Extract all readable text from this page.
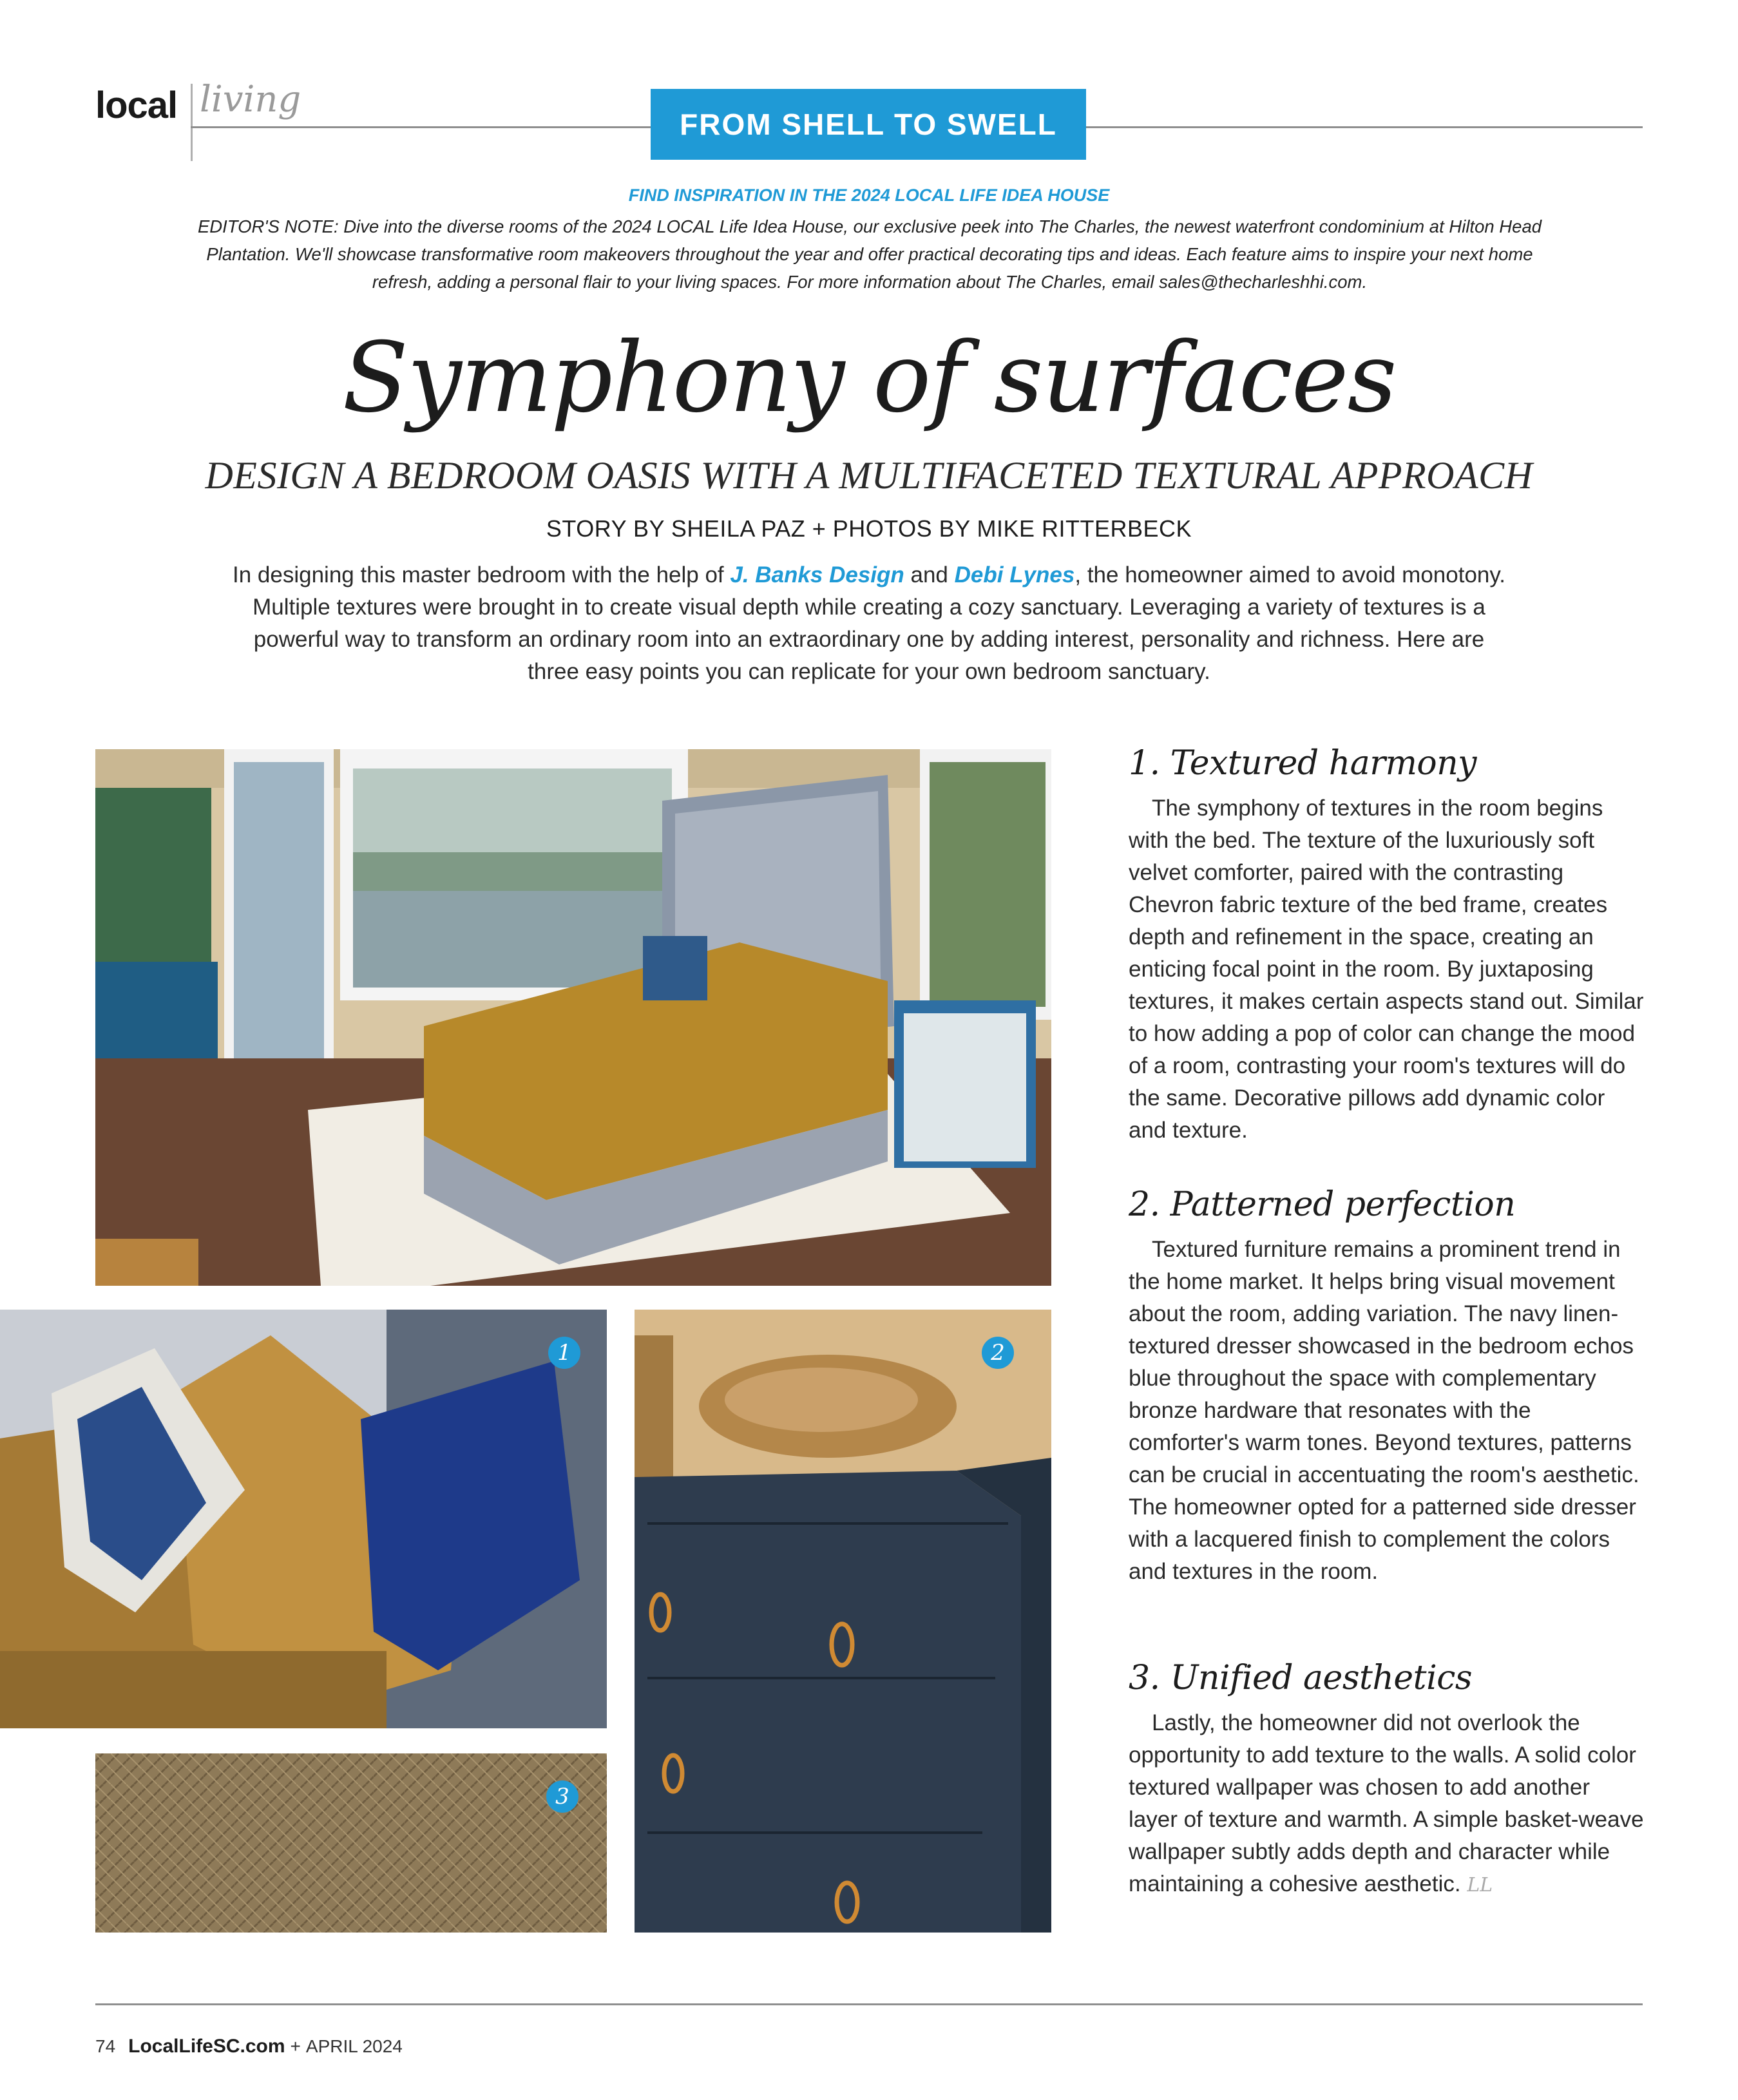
local living
FROM SHELL TO SWELL
FIND INSPIRATION IN THE 2024 LOCAL LIFE IDEA HOUSE
EDITOR'S NOTE: Dive into the diverse rooms of the 2024 LOCAL Life Idea House, our exclusive peek into The Charles, the newest waterfront condominium at Hilton Head Plantation. We'll showcase transformative room makeovers throughout the year and offer practical decorating tips and ideas. Each feature aims to inspire your next home refresh, adding a personal flair to your living spaces. For more information about The Charles, email sales@thecharleshhi.com.
Symphony of surfaces
DESIGN A BEDROOM OASIS WITH A MULTIFACETED TEXTURAL APPROACH
STORY BY SHEILA PAZ + PHOTOS BY MIKE RITTERBECK
In designing this master bedroom with the help of J. Banks Design and Debi Lynes, the homeowner aimed to avoid monotony. Multiple textures were brought in to create visual depth while creating a cozy sanctuary. Leveraging a variety of textures is a powerful way to transform an ordinary room into an extraordinary one by adding interest, personality and richness. Here are three easy points you can replicate for your own bedroom sanctuary.
1
3
2
1. Textured harmony

The symphony of textures in the room begins with the bed. The texture of the luxuriously soft velvet comforter, paired with the contrasting Chevron fabric texture of the bed frame, creates depth and refinement in the space, creating an enticing focal point in the room. By juxtaposing textures, it makes certain aspects stand out. Similar to how adding a pop of color can change the mood of a room, contrasting your room's textures will do the same. Decorative pillows add dynamic color and texture.

2. Patterned perfection

Textured furniture remains a prominent trend in the home market. It helps bring visual movement about the room, adding variation. The navy linen-textured dresser showcased in the bedroom echos blue throughout the space with complementary bronze hardware that resonates with the comforter's warm tones. Beyond textures, patterns can be crucial in accentuating the room's aesthetic. The homeowner opted for a patterned side dresser with a lacquered finish to complement the colors and textures in the room.

3. Unified aesthetics

Lastly, the homeowner did not overlook the opportunity to add texture to the walls. A solid color textured wallpaper was chosen to add another layer of texture and warmth. A simple basket-weave wallpaper subtly adds depth and character while maintaining a cohesive aesthetic. LL

74 LocalLifeSC.com + APRIL 2024
